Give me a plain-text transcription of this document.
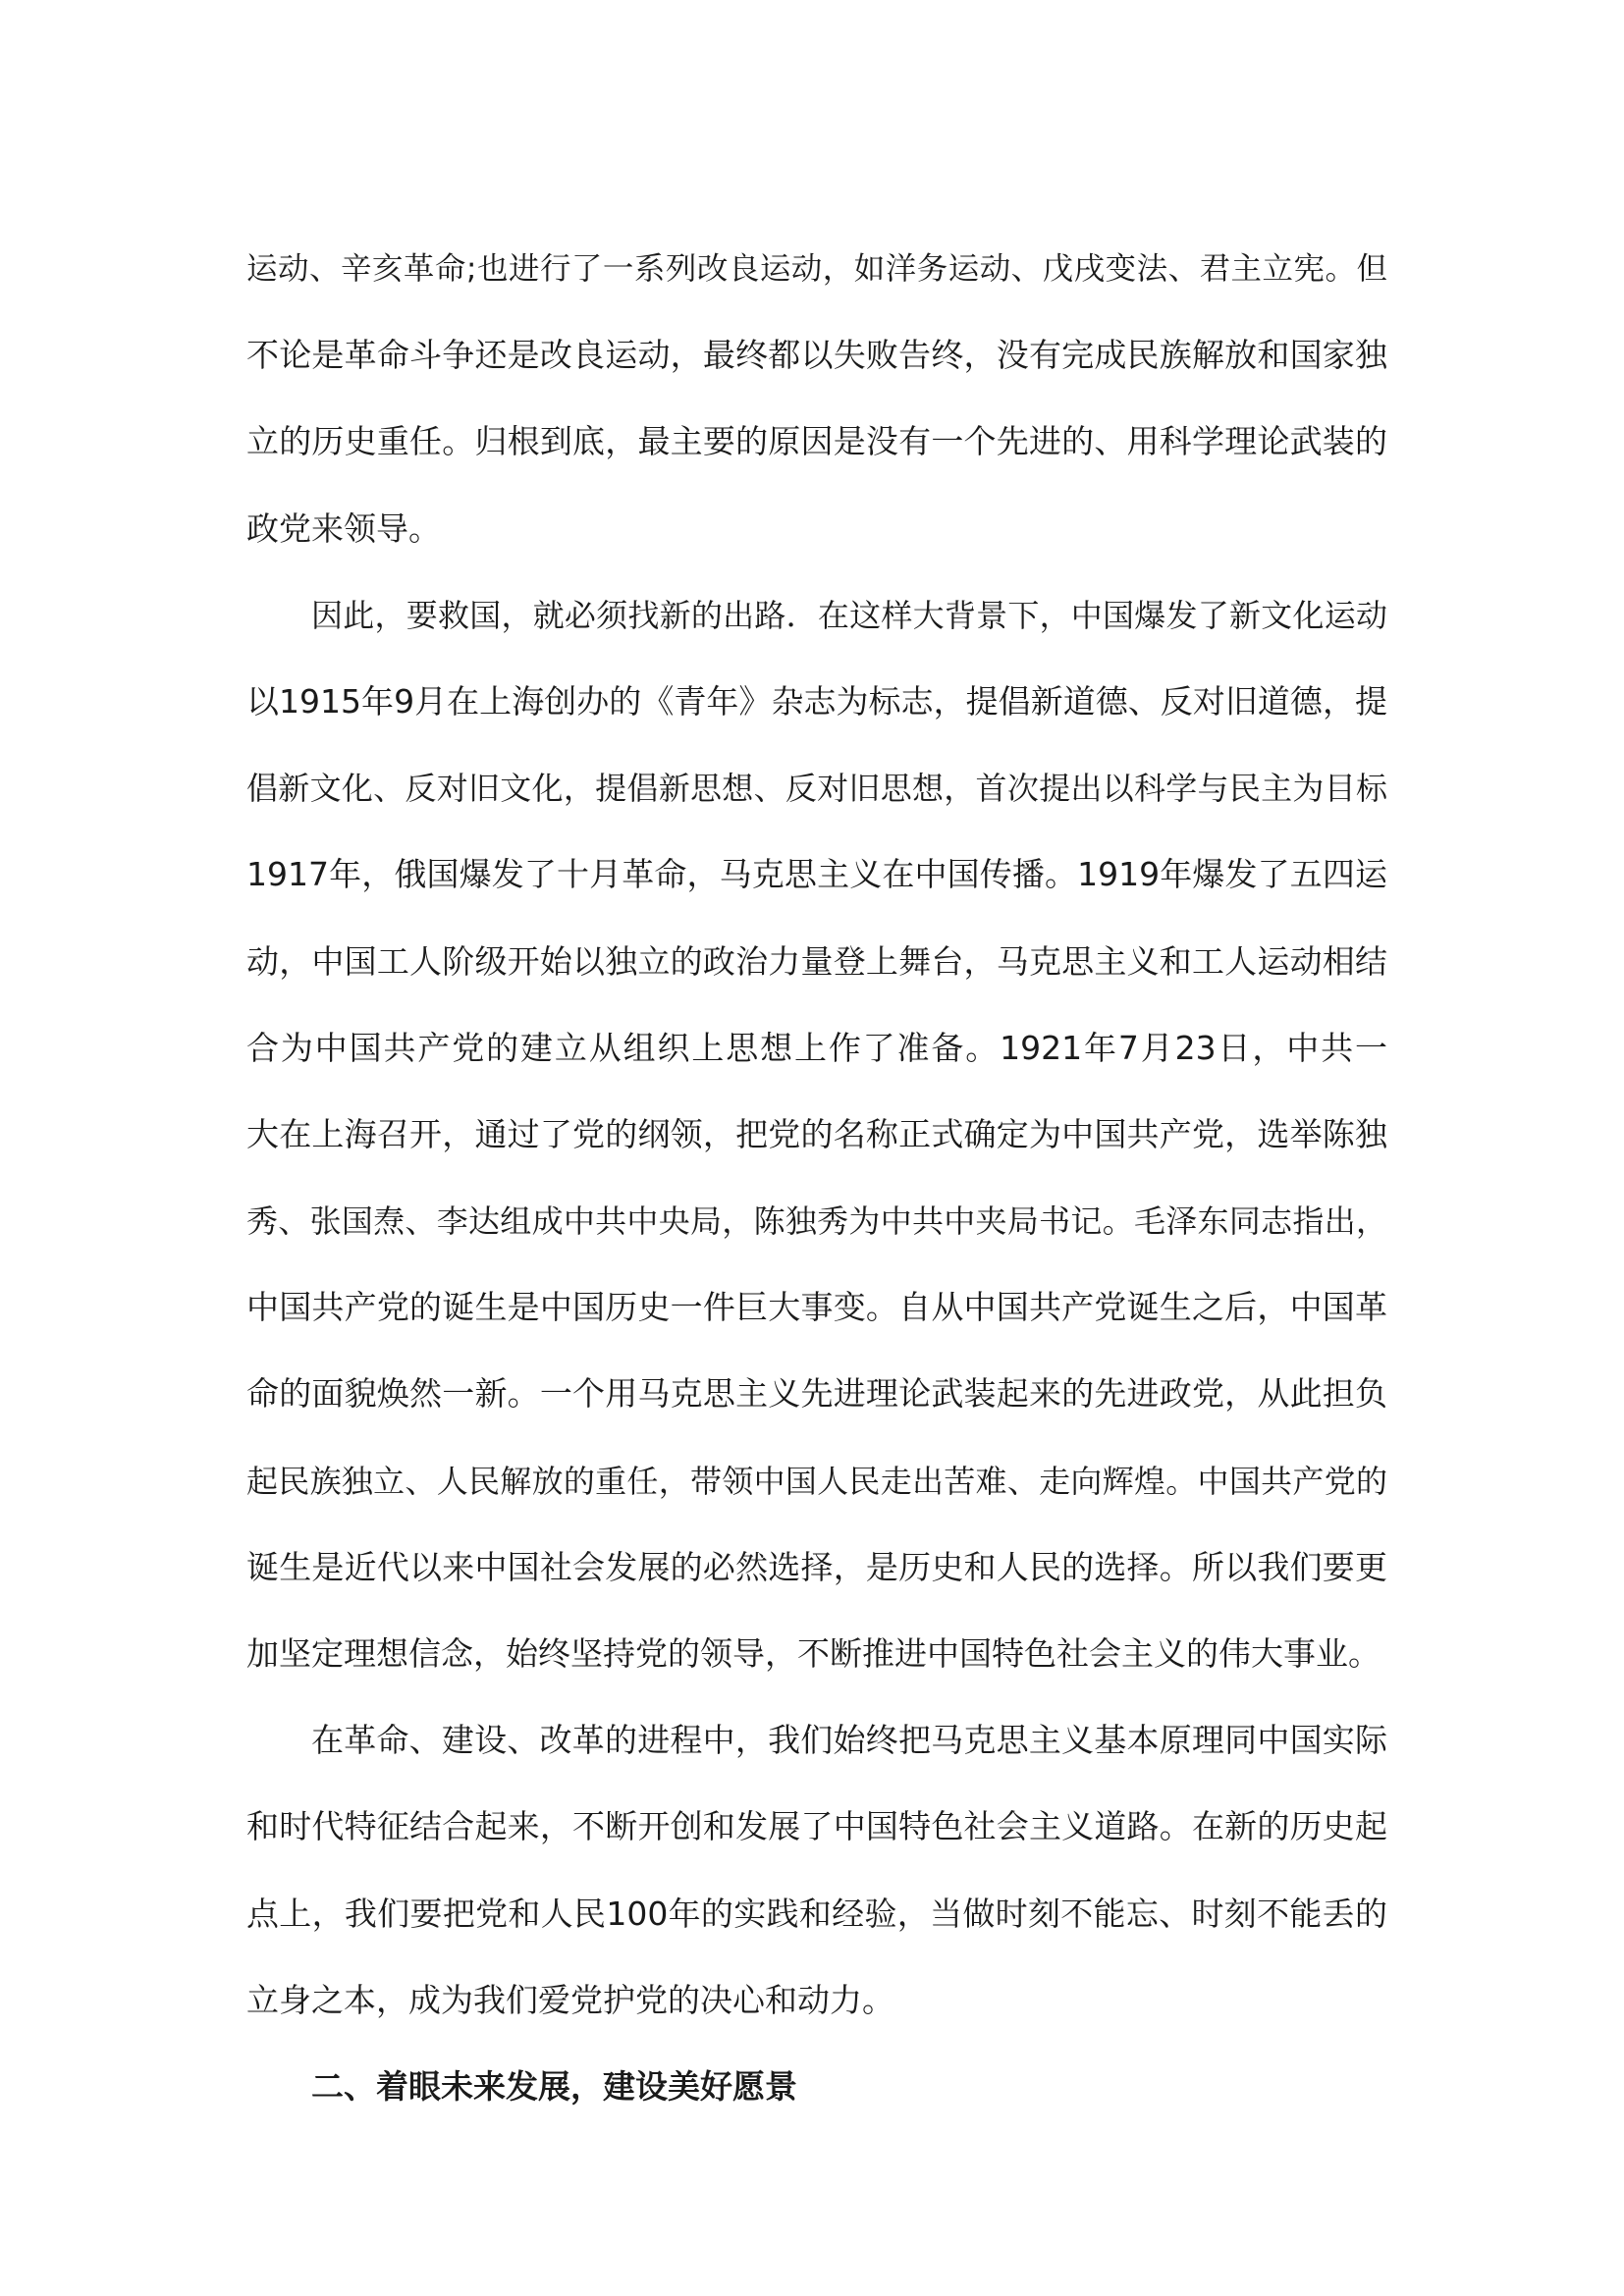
运动、辛亥革命;也进行了一系列改良运动，如洋务运动、戊戌变法、君主立宪。但
不论是革命斗争还是改良运动，最终都以失败告终，没有完成民族解放和国家独
立的历史重任。归根到底，最主要的原因是没有一个先进的、用科学理论武装的
政党来领导。
因此，要救国，就必须找新的出路．在这样大背景下，中国爆发了新文化运动
以1915年9月在上海创办的《青年》杂志为标志，提倡新道德、反对旧道德，提
倡新文化、反对旧文化，提倡新思想、反对旧思想，首次提出以科学与民主为目标
1917年，俄国爆发了十月革命，马克思主义在中国传播。1919年爆发了五四运
动，中国工人阶级开始以独立的政治力量登上舞台，马克思主义和工人运动相结
合为中国共产党的建立从组织上思想上作了准备。1921年7月23日，中共一
大在上海召开，通过了党的纲领，把党的名称正式确定为中国共产党，选举陈独
秀、张国焘、李达组成中共中央局，陈独秀为中共中夹局书记。毛泽东同志指出，
中国共产党的诞生是中国历史一件巨大事变。自从中国共产党诞生之后，中国革
命的面貌焕然一新。一个用马克思主义先进理论武装起来的先进政党，从此担负
起民族独立、人民解放的重任，带领中国人民走出苦难、走向辉煌。中国共产党的
诞生是近代以来中国社会发展的必然选择，是历史和人民的选择。所以我们要更
加坚定理想信念，始终坚持党的领导，不断推进中国特色社会主义的伟大事业。
在革命、建设、改革的进程中，我们始终把马克思主义基本原理同中国实际
和时代特征结合起来，不断开创和发展了中国特色社会主义道路。在新的历史起
点上，我们要把党和人民100年的实践和经验，当做时刻不能忘、时刻不能丢的
立身之本，成为我们爱党护党的决心和动力。
二、着眼未来发展，建设美好愿景
